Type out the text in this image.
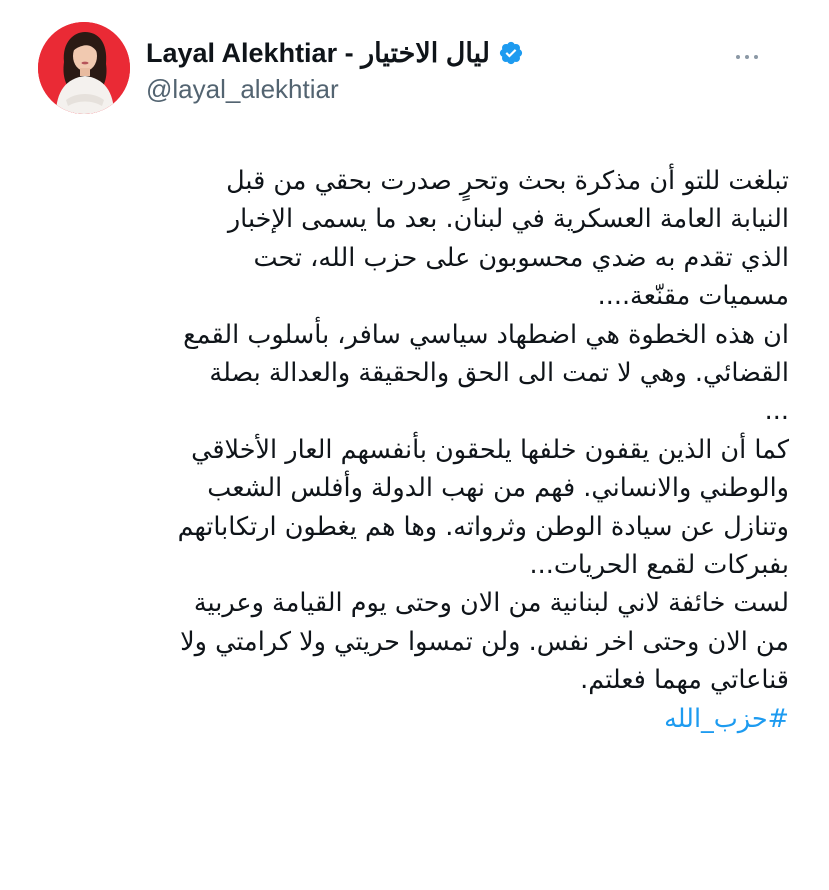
Layal Alekhtiar - ليال الاختيار
@layal_alekhtiar
تبلغت للتو أن مذكرة بحث وتحرٍ صدرت بحقي من قبل
النيابة العامة العسكرية في لبنان. بعد ما يسمى الإخبار
الذي تقدم به ضدي محسوبون على حزب الله، تحت
مسميات مقنّعة....
ان هذه الخطوة هي اضطهاد سياسي سافر، بأسلوب القمع
القضائي. وهي لا تمت الى الحق والحقيقة والعدالة بصلة
...
كما أن الذين يقفون خلفها يلحقون بأنفسهم العار الأخلاقي
والوطني والانساني. فهم من نهب الدولة وأفلس الشعب
وتنازل عن سيادة الوطن وثرواته. وها هم يغطون ارتكاباتهم
بفبركات لقمع الحريات...
لست خائفة لاني لبنانية من الان وحتى يوم القيامة وعربية
من الان وحتى اخر نفس. ولن تمسوا حريتي ولا كرامتي ولا
قناعاتي مهما فعلتم.
#حزب_الله
